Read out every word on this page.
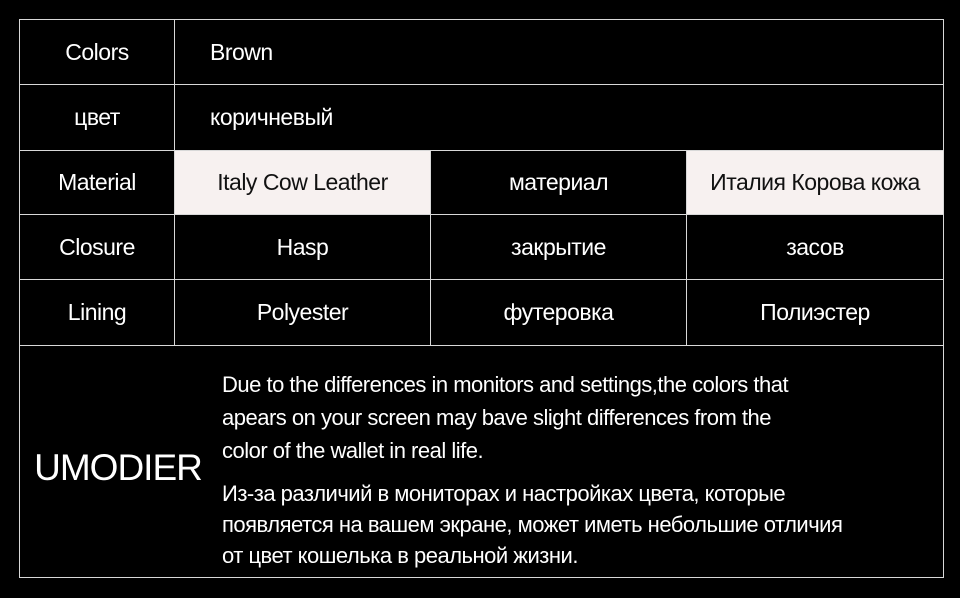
Colors	Brown
цвет	коричневый
Material	Italy Cow Leather	материал	Италия Корова кожа
Closure	Hasp	закрытие	засов
Lining	Polyester	футеровка	Полиэстер
UMODIER
Due to the differences in monitors and settings,the colors that
apears on your screen may bave slight differences from the
color of the wallet in real life.
Из-за различий в мониторах и настройках цвета, которые
появляется на вашем экране, может иметь небольшие отличия
от цвет кошелька в реальной жизни.
